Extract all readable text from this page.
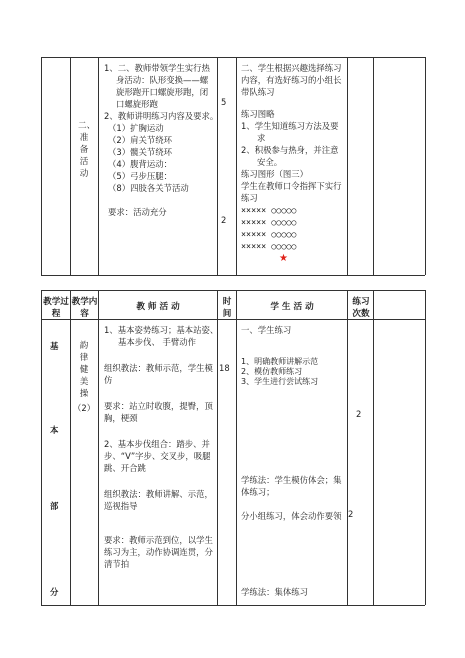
二、准备活动
1、二、教师带领学生实行热
身活动：队形变换——螺
旋形跑开口螺旋形跑，闭
口螺旋形跑
2、教师讲明练习内容及要求。
（1）扩胸运动
（2）肩关节绕环
（3）髋关节绕环
（4）腹背运动：
（5）弓步压腿：
（8）四肢各关节活动
要求：活动充分
5
2
二、学生根据兴趣选择练习
内容，有选好练习的小组长
带队练习
练习图略
1、学生知道练习方法及要
求
2、积极参与热身，并注意
安全。
练习图形（图三）
学生在教师口令指挥下实行
练习
××××× ○○○○○
××××× ○○○○○
××××× ○○○○○
××××× ○○○○○
★
教学过程
教学内容
教 师 活 动	时间
学 生 活 动	练习次数
基
本
部
分
韵律健美操
（2）
18
1、基本姿势练习；基本站姿、
基本步伐、 手臂动作
组织教法：教师示范，学生模
仿
要求：站立时收腹，提臀，顶
胸，梗颈
2、基本步伐组合：踏步、并
步、“V”字步、交叉步，吸腿
跳、开合跳
组织教法：教师讲解、示范，
巡视指导
要求：教师示范到位，以学生
练习为主，动作协调连贯，分
清节拍
一、学生练习
1、明确教师讲解示范
2、模仿教师练习
3、学生进行尝试练习
学练法：学生模仿体会；集
体练习；
分小组练习，体会动作要领
学练法：集体练习
2
2
